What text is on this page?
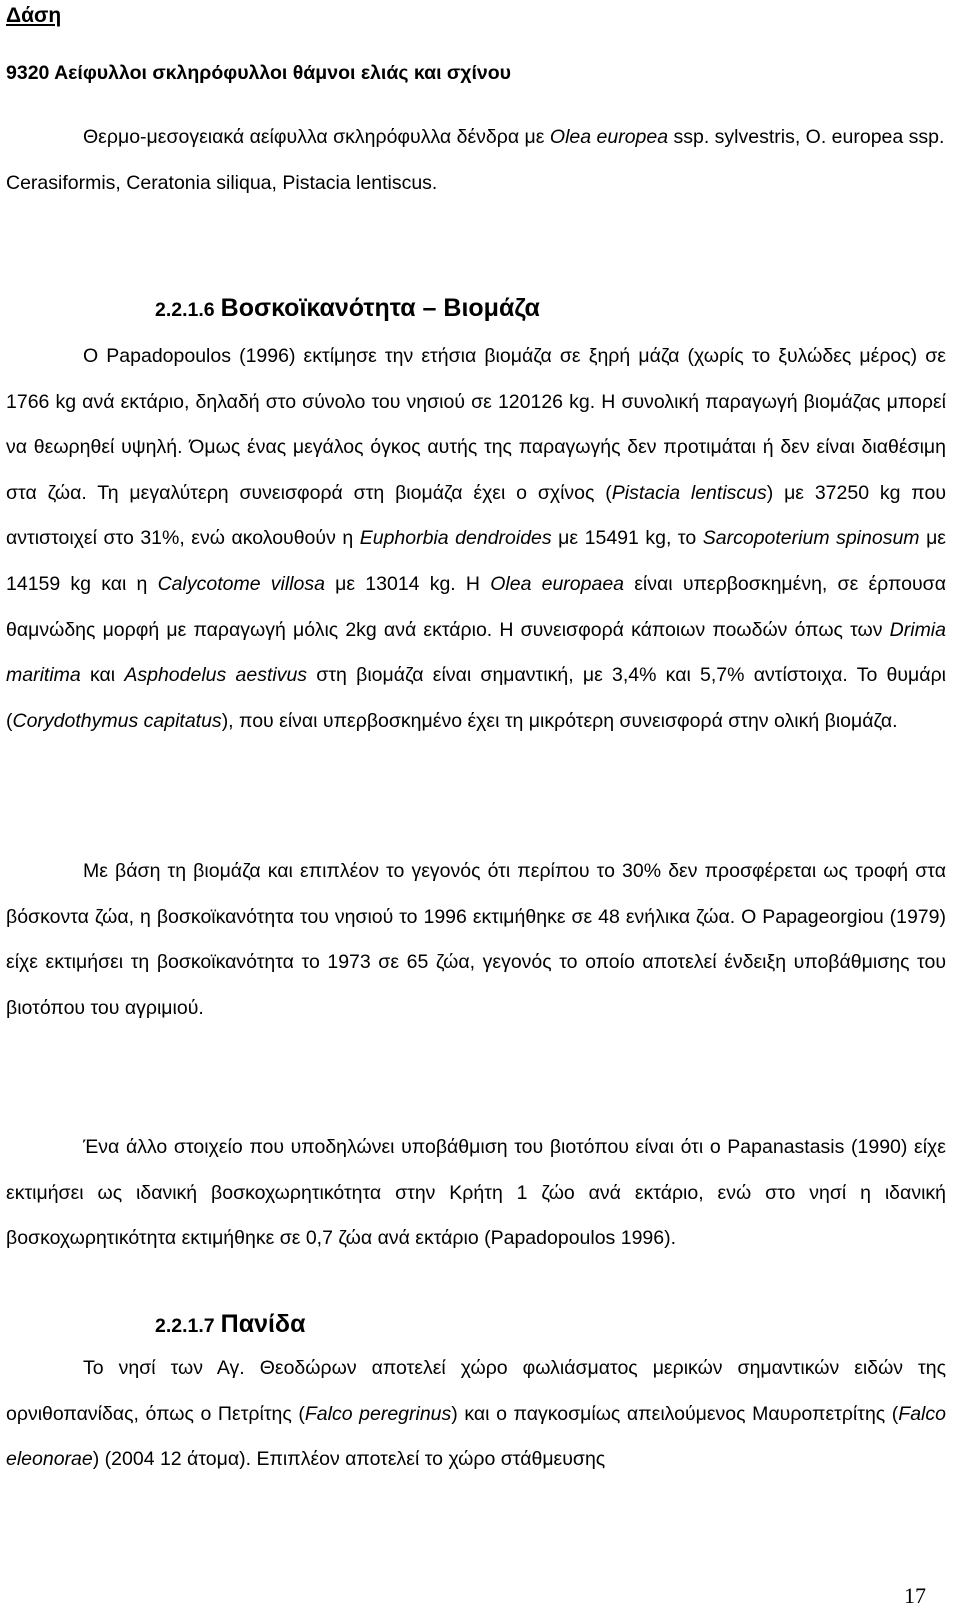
Δάση
9320 Αείφυλλοι σκληρόφυλλοι θάμνοι ελιάς και σχίνου
Θερμο-μεσογειακά αείφυλλα σκληρόφυλλα δένδρα με Olea europea ssp. sylvestris, O. europea ssp. Cerasiformis, Ceratonia siliqua, Pistacia lentiscus.
2.2.1.6 Βοσκοϊκανότητα – Βιομάζα
Ο Papadopoulos (1996) εκτίμησε την ετήσια βιομάζα σε ξηρή μάζα (χωρίς το ξυλώδες μέρος) σε 1766 kg ανά εκτάριο, δηλαδή στο σύνολο του νησιού σε 120126 kg. Η συνολική παραγωγή βιομάζας μπορεί να θεωρηθεί υψηλή. Όμως ένας μεγάλος όγκος αυτής της παραγωγής δεν προτιμάται ή δεν είναι διαθέσιμη στα ζώα. Τη μεγαλύτερη συνεισφορά στη βιομάζα έχει ο σχίνος (Pistacia lentiscus) με 37250 kg που αντιστοιχεί στο 31%, ενώ ακολουθούν η Euphorbia dendroides με 15491 kg, το Sarcopoterium spinosum με 14159 kg και η Calycotome villosa με 13014 kg. Η Olea europaea είναι υπερβοσκημένη, σε έρπουσα θαμνώδης μορφή με παραγωγή μόλις 2kg ανά εκτάριο. Η συνεισφορά κάποιων ποωδών όπως των Drimia maritima και Asphodelus aestivus στη βιομάζα είναι σημαντική, με 3,4% και 5,7% αντίστοιχα. Το θυμάρι (Corydothymus capitatus), που είναι υπερβοσκημένο έχει τη μικρότερη συνεισφορά στην ολική βιομάζα.
Με βάση τη βιομάζα και επιπλέον το γεγονός ότι περίπου το 30% δεν προσφέρεται ως τροφή στα βόσκοντα ζώα, η βοσκοϊκανότητα του νησιού το 1996 εκτιμήθηκε σε 48 ενήλικα ζώα. Ο Papageorgiou (1979) είχε εκτιμήσει τη βοσκοϊκανότητα το 1973 σε 65 ζώα, γεγονός το οποίο αποτελεί ένδειξη υποβάθμισης του βιοτόπου του αγριμιού.
Ένα άλλο στοιχείο που υποδηλώνει υποβάθμιση του βιοτόπου είναι ότι ο Papanastasis (1990) είχε εκτιμήσει ως ιδανική βοσκοχωρητικότητα στην Κρήτη 1 ζώο ανά εκτάριο, ενώ στο νησί η ιδανική βοσκοχωρητικότητα εκτιμήθηκε σε 0,7 ζώα ανά εκτάριο (Papadopoulos 1996).
2.2.1.7 Πανίδα
Το νησί των Αγ. Θεοδώρων αποτελεί χώρο φωλιάσματος μερικών σημαντικών ειδών της ορνιθοπανίδας, όπως ο Πετρίτης (Falco peregrinus) και ο παγκοσμίως απειλούμενος Μαυροπετρίτης (Falco eleonorae) (2004 12 άτομα). Επιπλέον αποτελεί το χώρο στάθμευσης
17
